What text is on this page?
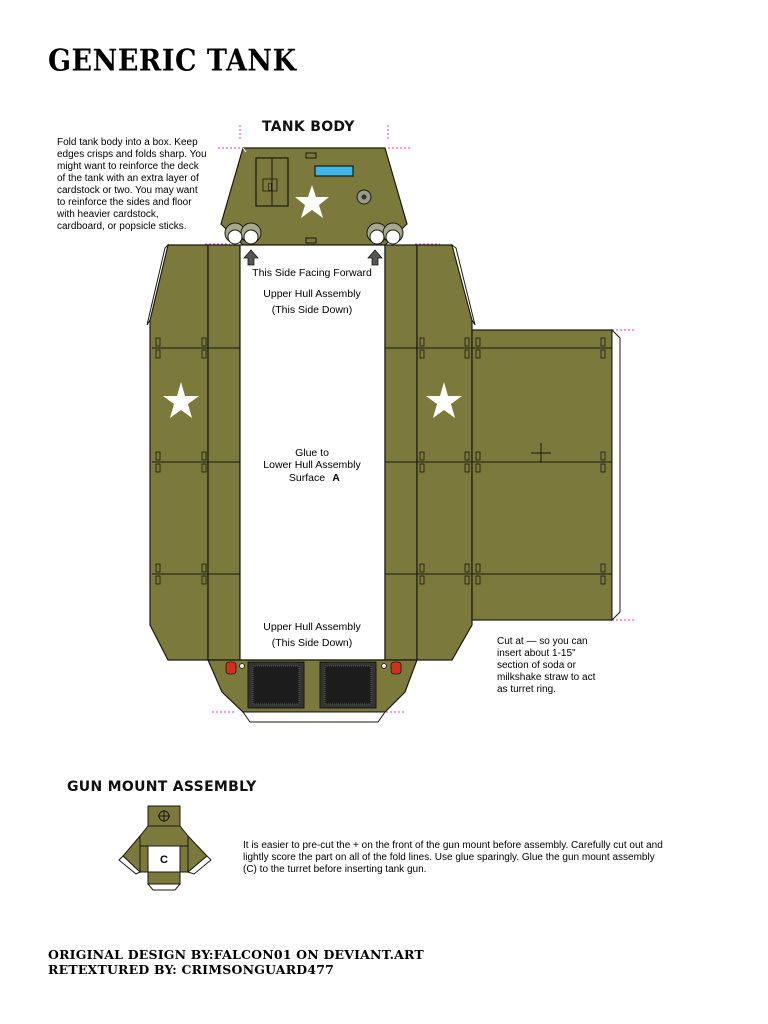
GENERIC TANK
TANK BODY
Fold tank body into a box. Keep edges crisps and folds sharp. You might want to reinforce the deck of the tank with an extra layer of cardstock or two. You may want to reinforce the sides and floor with heavier cardstock, cardboard, or popsicle sticks.
Cut at ― so you can insert about 1-15" section of soda or milkshake straw to act as turret ring.
This Side Facing Forward
Upper Hull Assembly
(This Side Down)
Glue to
Lower Hull Assembly
Surface A
Upper Hull Assembly
(This Side Down)
[]
GUN MOUNT ASSEMBLY
C
It is easier to pre-cut the + on the front of the gun mount before assembly. Carefully cut out and lightly score the part on all of the fold lines. Use glue sparingly. Glue the gun mount assembly (C) to the turret before inserting tank gun.
ORIGINAL DESIGN BY:FALCON01 ON DEVIANT.ART
RETEXTURED BY: CRIMSONGUARD477
